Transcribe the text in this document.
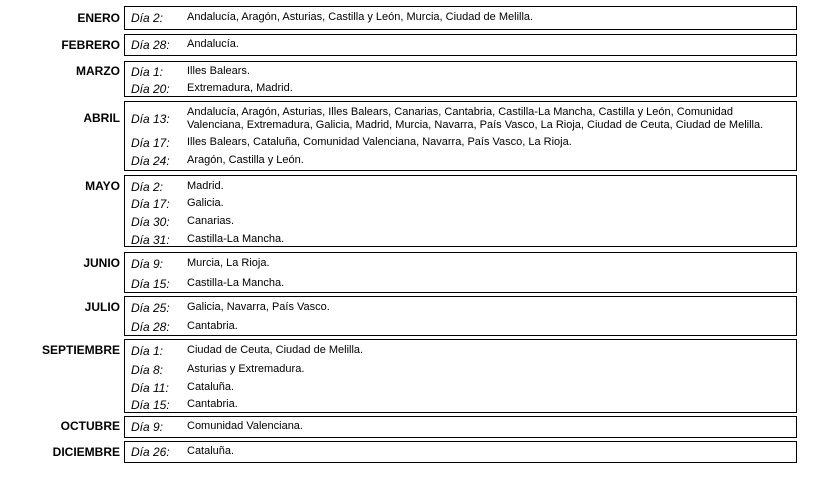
ENERO Día 2: Andalucía, Aragón, Asturias, Castilla y León, Murcia, Ciudad de Melilla.
FEBRERO Día 28: Andalucía.
MARZO Día 1: Illes Balears.
Día 20: Extremadura, Madrid.
ABRIL Día 13: Andalucía, Aragón, Asturias, Illes Balears, Canarias, Cantabria, Castilla-La Mancha, Castilla y León, Comunidad Valenciana, Extremadura, Galicia, Madrid, Murcia, Navarra, País Vasco, La Rioja, Ciudad de Ceuta, Ciudad de Melilla.
Día 17: Illes Balears, Cataluña, Comunidad Valenciana, Navarra, País Vasco, La Rioja.
Día 24: Aragón, Castilla y León.
MAYO Día 2: Madrid.
Día 17: Galicia.
Día 30: Canarias.
Día 31: Castilla-La Mancha.
JUNIO Día 9: Murcia, La Rioja.
Día 15: Castilla-La Mancha.
JULIO Día 25: Galicia, Navarra, País Vasco.
Día 28: Cantabria.
SEPTIEMBRE Día 1: Ciudad de Ceuta, Ciudad de Melilla.
Día 8: Asturias y Extremadura.
Día 11: Cataluña.
Día 15: Cantabria.
OCTUBRE Día 9: Comunidad Valenciana.
DICIEMBRE Día 26: Cataluña.
